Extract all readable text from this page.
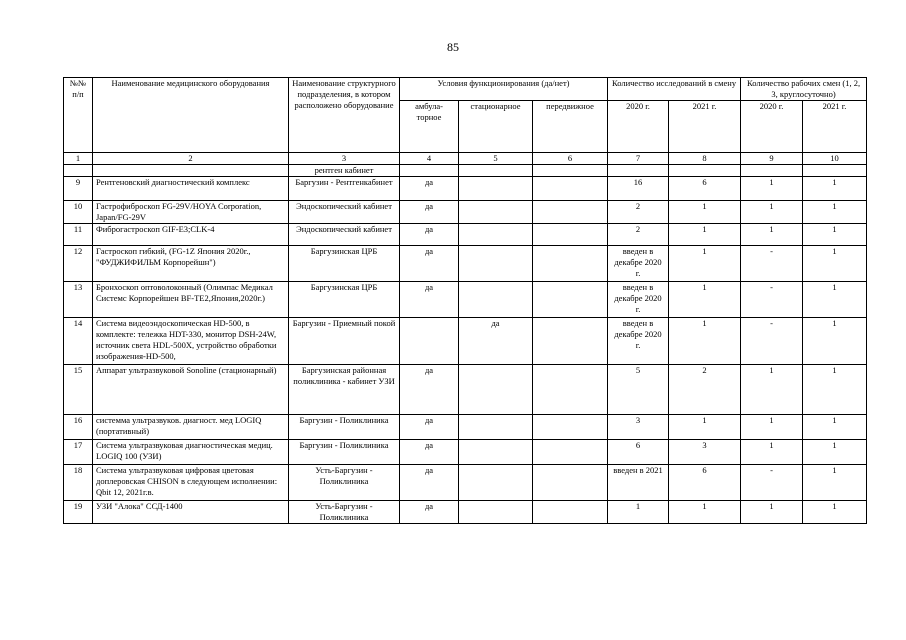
85
№№
п/п	Наименование медицинского оборудования	Наименование структурного подразделения, в котором расположено оборудование	Условия функционирования (да/нет)			Количество исследований в смену		Количество рабочих смен (1, 2, 3, круглосуточно)	
			амбула-торное	стационарное	передвижное	2020 г.	2021 г.	2020 г.	2021 г.
1	2	3	4	5	6	7	8	9	10
		рентген кабинет							
9	Рентгеновский диагностический комплекс	Баргузин - Рентгенкабинет	да			16	6	1	1
10	Гастрофиброскоп FG-29V/HOYA Corporation, Japan/FG-29V	Эндоскопический кабинет	да			2	1	1	1
11	Фиброгастроскоп GIF-E3;CLK-4	Эндоскопический кабинет	да			2	1	1	1
12	Гастроскоп гибкий, (FG-1Z Япония 2020г., "ФУДЖИФИЛЬМ Корпорейшн")	Баргузинская ЦРБ	да			введен в декабре 2020 г.	1	-	1
13	Бронхоскоп оптоволоконный (Олимпас Медикал Системс Корпорейшен BF-TE2,Япония,2020г.)	Баргузинская ЦРБ	да			введен в декабре 2020 г.	1	-	1
14	Система видеоэндоскопическая HD-500, в комплекте: тележка HDT-330, монитор DSH-24W, источник света HDL-500X, устройство обработки изображения-HD-500,	Баргузин - Приемный покой		да		введен в декабре 2020 г.	1	-	1
15	Аппарат ультразвуковой Sonoline (стационарный)	Баргузинская районная поликлиника - кабинет УЗИ	да			5	2	1	1
16	системма ультразвуков. диагност. мед LOGIQ (портативный)	Баргузин - Поликлиника	да			3	1	1	1
17	Система ультразвуковая диагностическая медиц. LOGIQ 100 (УЗИ)	Баргузин - Поликлиника	да			6	3	1	1
18	Система ультразвуковая цифровая цветовая доплеровская CHISON в следующем исполнении: Qbit 12, 2021г.в.	Усть-Баргузин - Поликлиника	да			введен в 2021	6	-	1
19	УЗИ "Алока" ССД-1400	Усть-Баргузин - Поликлиника	да			1	1	1	1
